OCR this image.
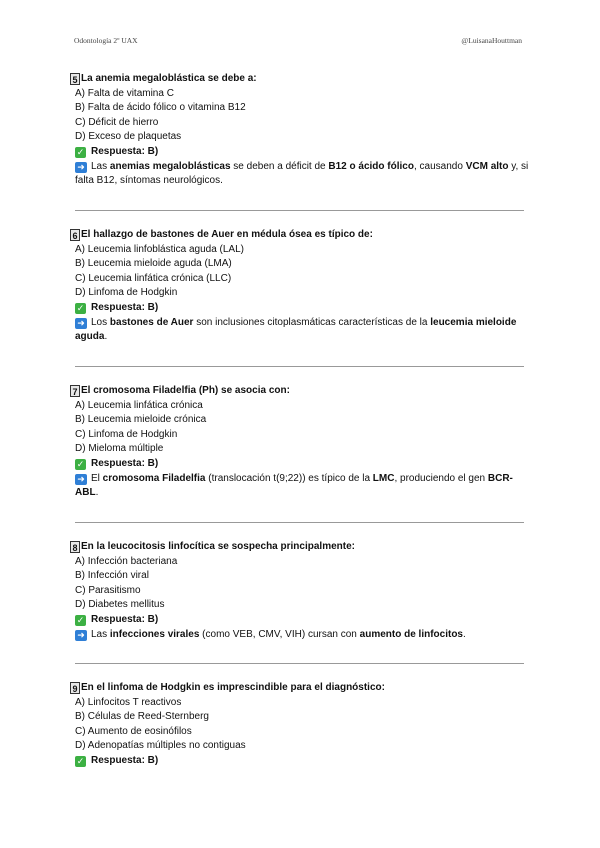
Odontología 2º UAX	@LuisanaHouttman
5 La anemia megaloblástica se debe a:
A) Falta de vitamina C
B) Falta de ácido fólico o vitamina B12
C) Déficit de hierro
D) Exceso de plaquetas
✓ Respuesta: B)
➜ Las anemias megaloblásticas se deben a déficit de B12 o ácido fólico, causando VCM alto y, si falta B12, síntomas neurológicos.
6 El hallazgo de bastones de Auer en médula ósea es típico de:
A) Leucemia linfoblástica aguda (LAL)
B) Leucemia mieloide aguda (LMA)
C) Leucemia linfática crónica (LLC)
D) Linfoma de Hodgkin
✓ Respuesta: B)
➜ Los bastones de Auer son inclusiones citoplasmáticas características de la leucemia mieloide aguda.
7 El cromosoma Filadelfia (Ph) se asocia con:
A) Leucemia linfática crónica
B) Leucemia mieloide crónica
C) Linfoma de Hodgkin
D) Mieloma múltiple
✓ Respuesta: B)
➜ El cromosoma Filadelfia (translocación t(9;22)) es típico de la LMC, produciendo el gen BCR-ABL.
8 En la leucocitosis linfocítica se sospecha principalmente:
A) Infección bacteriana
B) Infección viral
C) Parasitismo
D) Diabetes mellitus
✓ Respuesta: B)
➜ Las infecciones virales (como VEB, CMV, VIH) cursan con aumento de linfocitos.
9 En el linfoma de Hodgkin es imprescindible para el diagnóstico:
A) Linfocitos T reactivos
B) Células de Reed-Sternberg
C) Aumento de eosinófilos
D) Adenopatías múltiples no contiguas
✓ Respuesta: B)
